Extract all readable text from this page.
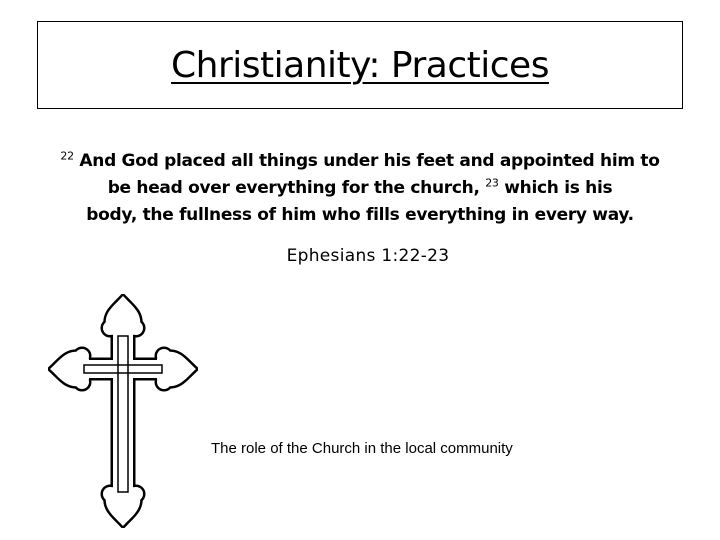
Christianity: Practices
$^{22}$ And God placed all things under his feet and appointed him to
be head over everything for the church, $^{23}$ which is his
body, the fullness of him who fills everything in every way.
Ephesians 1:22-23
The role of the Church in the local community
